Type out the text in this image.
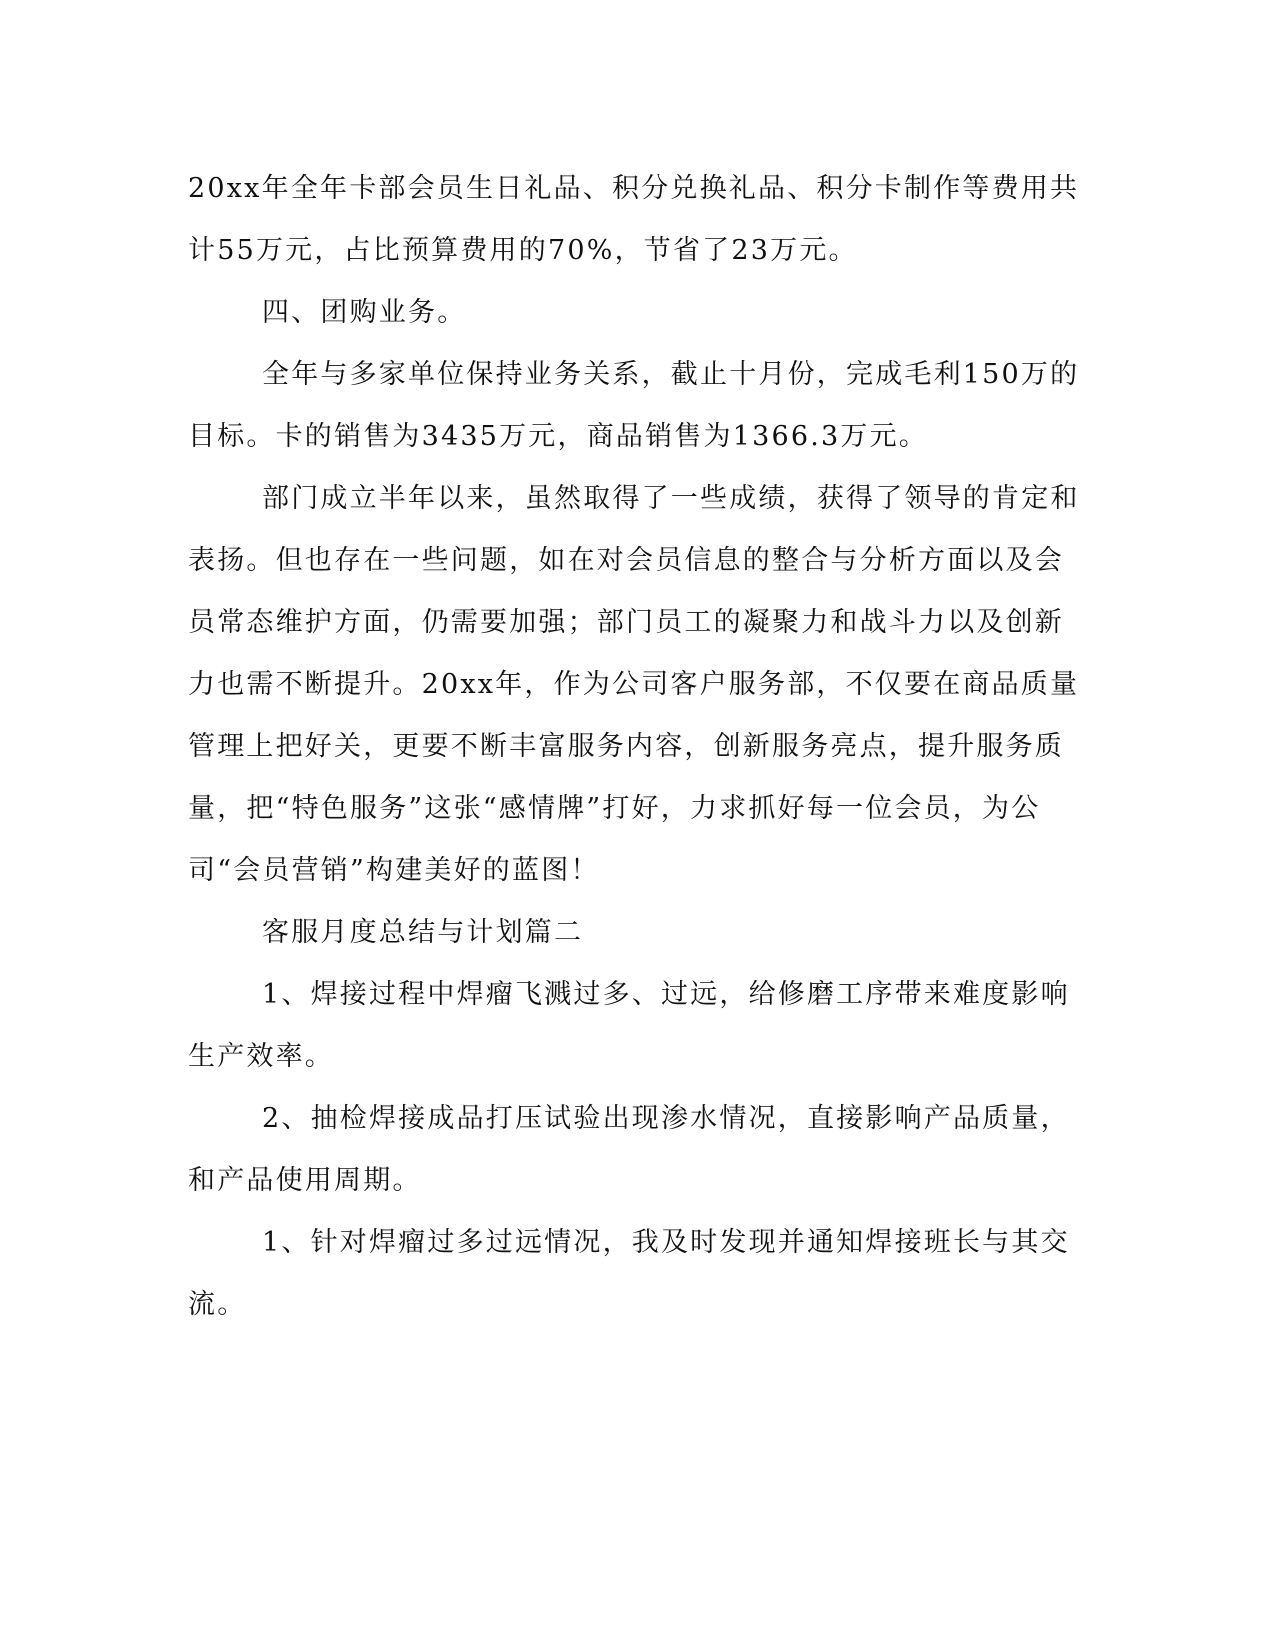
20xx年全年卡部会员生日礼品、积分兑换礼品、积分卡制作等费用共计55万元，占比预算费用的70%，节省了23万元。

四、团购业务。

全年与多家单位保持业务关系，截止十月份，完成毛利150万的目标。卡的销售为3435万元，商品销售为1366.3万元。

部门成立半年以来，虽然取得了一些成绩，获得了领导的肯定和表扬。但也存在一些问题，如在对会员信息的整合与分析方面以及会员常态维护方面，仍需要加强；部门员工的凝聚力和战斗力以及创新力也需不断提升。20xx年，作为公司客户服务部，不仅要在商品质量管理上把好关，更要不断丰富服务内容，创新服务亮点，提升服务质量，把“特色服务”这张“感情牌”打好，力求抓好每一位会员，为公司“会员营销”构建美好的蓝图！

客服月度总结与计划篇二

1、焊接过程中焊瘤飞溅过多、过远，给修磨工序带来难度影响生产效率。

2、抽检焊接成品打压试验出现渗水情况，直接影响产品质量，和产品使用周期。

1、针对焊瘤过多过远情况，我及时发现并通知焊接班长与其交流。
